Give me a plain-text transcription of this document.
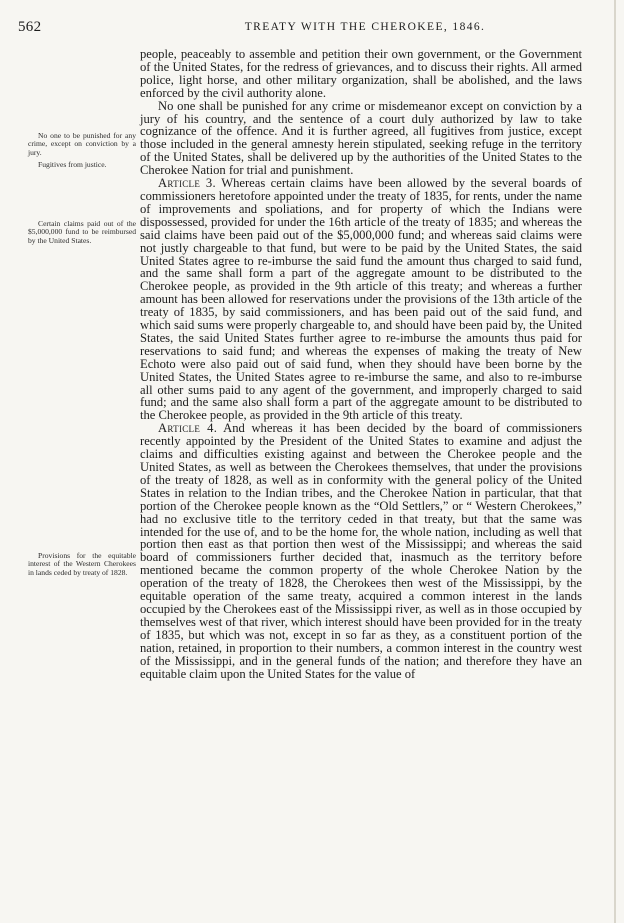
562	TREATY WITH THE CHEROKEE, 1846.
No one to be punished for any crime, except on conviction by a jury.
Fugitives from justice.
Certain claims paid out of the $5,000,000 fund to be reimbursed by the United States.
Provisions for the equitable interest of the Western Cherokees in lands ceded by treaty of 1828.

people, peaceably to assemble and petition their own government, or the Government of the United States, for the redress of grievances, and to discuss their rights. All armed police, light horse, and other military organization, shall be abolished, and the laws enforced by the civil authority alone.

No one shall be punished for any crime or misdemeanor except on conviction by a jury of his country, and the sentence of a court duly authorized by law to take cognizance of the offence. And it is further agreed, all fugitives from justice, except those included in the general amnesty herein stipulated, seeking refuge in the territory of the United States, shall be delivered up by the authorities of the United States to the Cherokee Nation for trial and punishment.

Article 3. Whereas certain claims have been allowed by the several boards of commissioners heretofore appointed under the treaty of 1835, for rents, under the name of improvements and spoliations, and for property of which the Indians were dispossessed, provided for under the 16th article of the treaty of 1835; and whereas the said claims have been paid out of the $5,000,000 fund; and whereas said claims were not justly chargeable to that fund, but were to be paid by the United States, the said United States agree to re-imburse the said fund the amount thus charged to said fund, and the same shall form a part of the aggregate amount to be distributed to the Cherokee people, as provided in the 9th article of this treaty; and whereas a further amount has been allowed for reservations under the provisions of the 13th article of the treaty of 1835, by said commissioners, and has been paid out of the said fund, and which said sums were properly chargeable to, and should have been paid by, the United States, the said United States further agree to re-imburse the amounts thus paid for reservations to said fund; and whereas the expenses of making the treaty of New Echoto were also paid out of said fund, when they should have been borne by the United States, the United States agree to re-imburse the same, and also to re-imburse all other sums paid to any agent of the government, and improperly charged to said fund; and the same also shall form a part of the aggregate amount to be distributed to the Cherokee people, as provided in the 9th article of this treaty.

Article 4. And whereas it has been decided by the board of commissioners recently appointed by the President of the United States to examine and adjust the claims and difficulties existing against and between the Cherokee people and the United States, as well as between the Cherokees themselves, that under the provisions of the treaty of 1828, as well as in conformity with the general policy of the United States in relation to the Indian tribes, and the Cherokee Nation in particular, that that portion of the Cherokee people known as the “Old Settlers,” or “ Western Cherokees,” had no exclusive title to the territory ceded in that treaty, but that the same was intended for the use of, and to be the home for, the whole nation, including as well that portion then east as that portion then west of the Mississippi; and whereas the said board of commissioners further decided that, inasmuch as the territory before mentioned became the common property of the whole Cherokee Nation by the operation of the treaty of 1828, the Cherokees then west of the Mississippi, by the equitable operation of the same treaty, acquired a common interest in the lands occupied by the Cherokees east of the Mississippi river, as well as in those occupied by themselves west of that river, which interest should have been provided for in the treaty of 1835, but which was not, except in so far as they, as a constituent portion of the nation, retained, in proportion to their numbers, a common interest in the country west of the Mississippi, and in the general funds of the nation; and therefore they have an equitable claim upon the United States for the value of
